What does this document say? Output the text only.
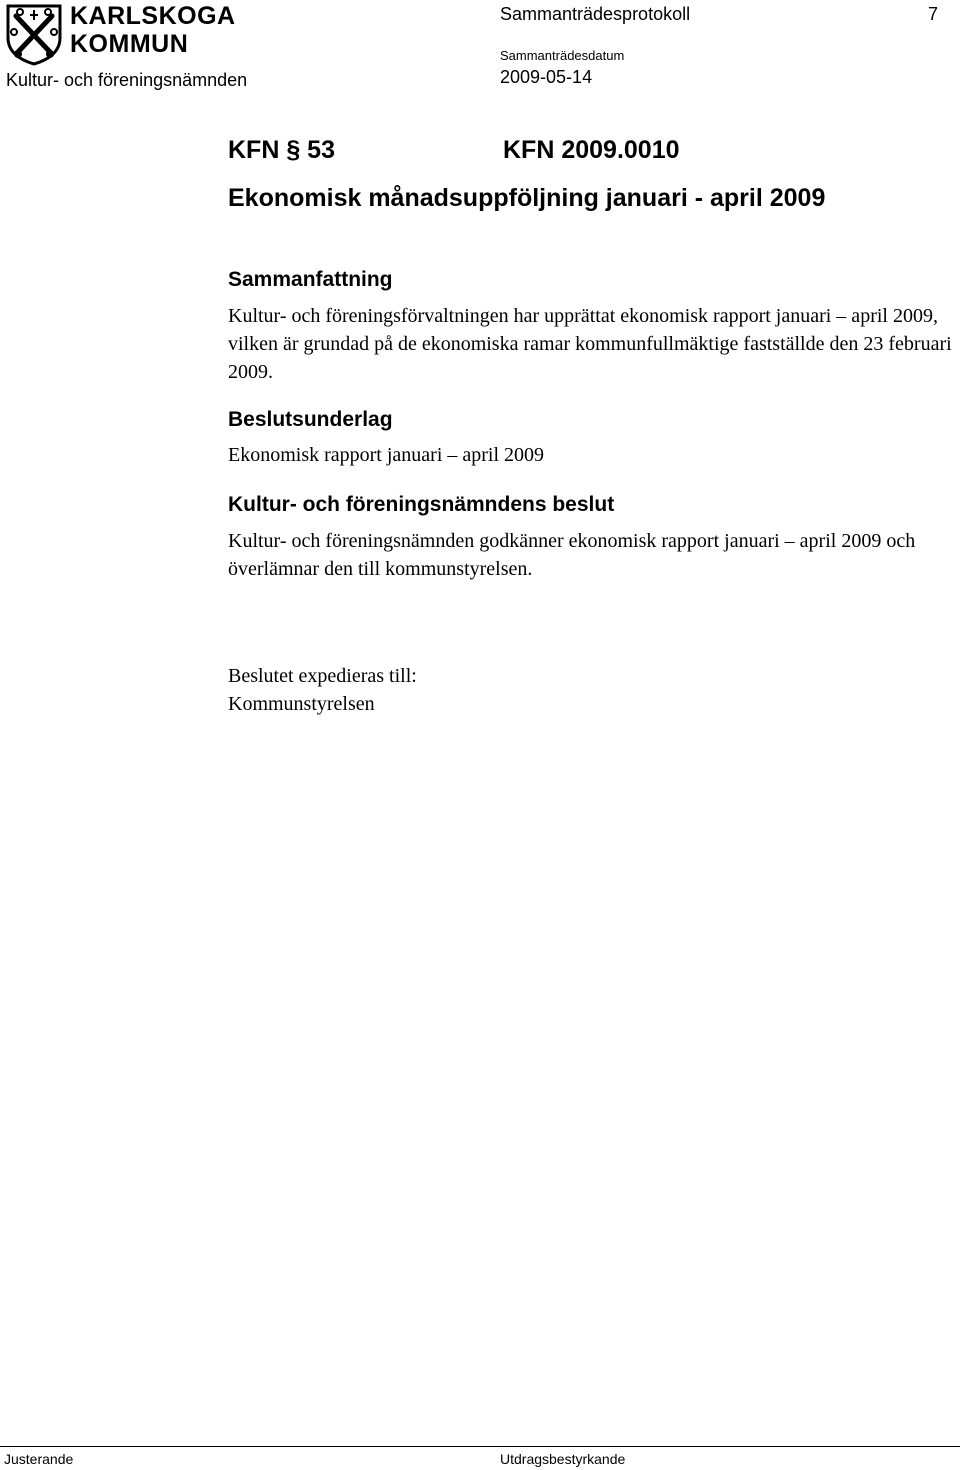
KARLSKOGA
KOMMUN
Kultur- och föreningsnämnden
Sammanträdesprotokoll	7
Sammanträdesdatum
2009-05-14
KFN § 53	KFN 2009.0010
Ekonomisk månadsuppföljning januari - april 2009
Sammanfattning
Kultur- och föreningsförvaltningen har upprättat ekonomisk rapport januari – april 2009, vilken är grundad på de ekonomiska ramar kommunfullmäktige fastställde den 23 februari 2009.
Beslutsunderlag
Ekonomisk rapport januari – april 2009
Kultur- och föreningsnämndens beslut
Kultur- och föreningsnämnden godkänner ekonomisk rapport januari – april 2009 och överlämnar den till kommunstyrelsen.
Beslutet expedieras till:
Kommunstyrelsen
Justerande	Utdragsbestyrkande
